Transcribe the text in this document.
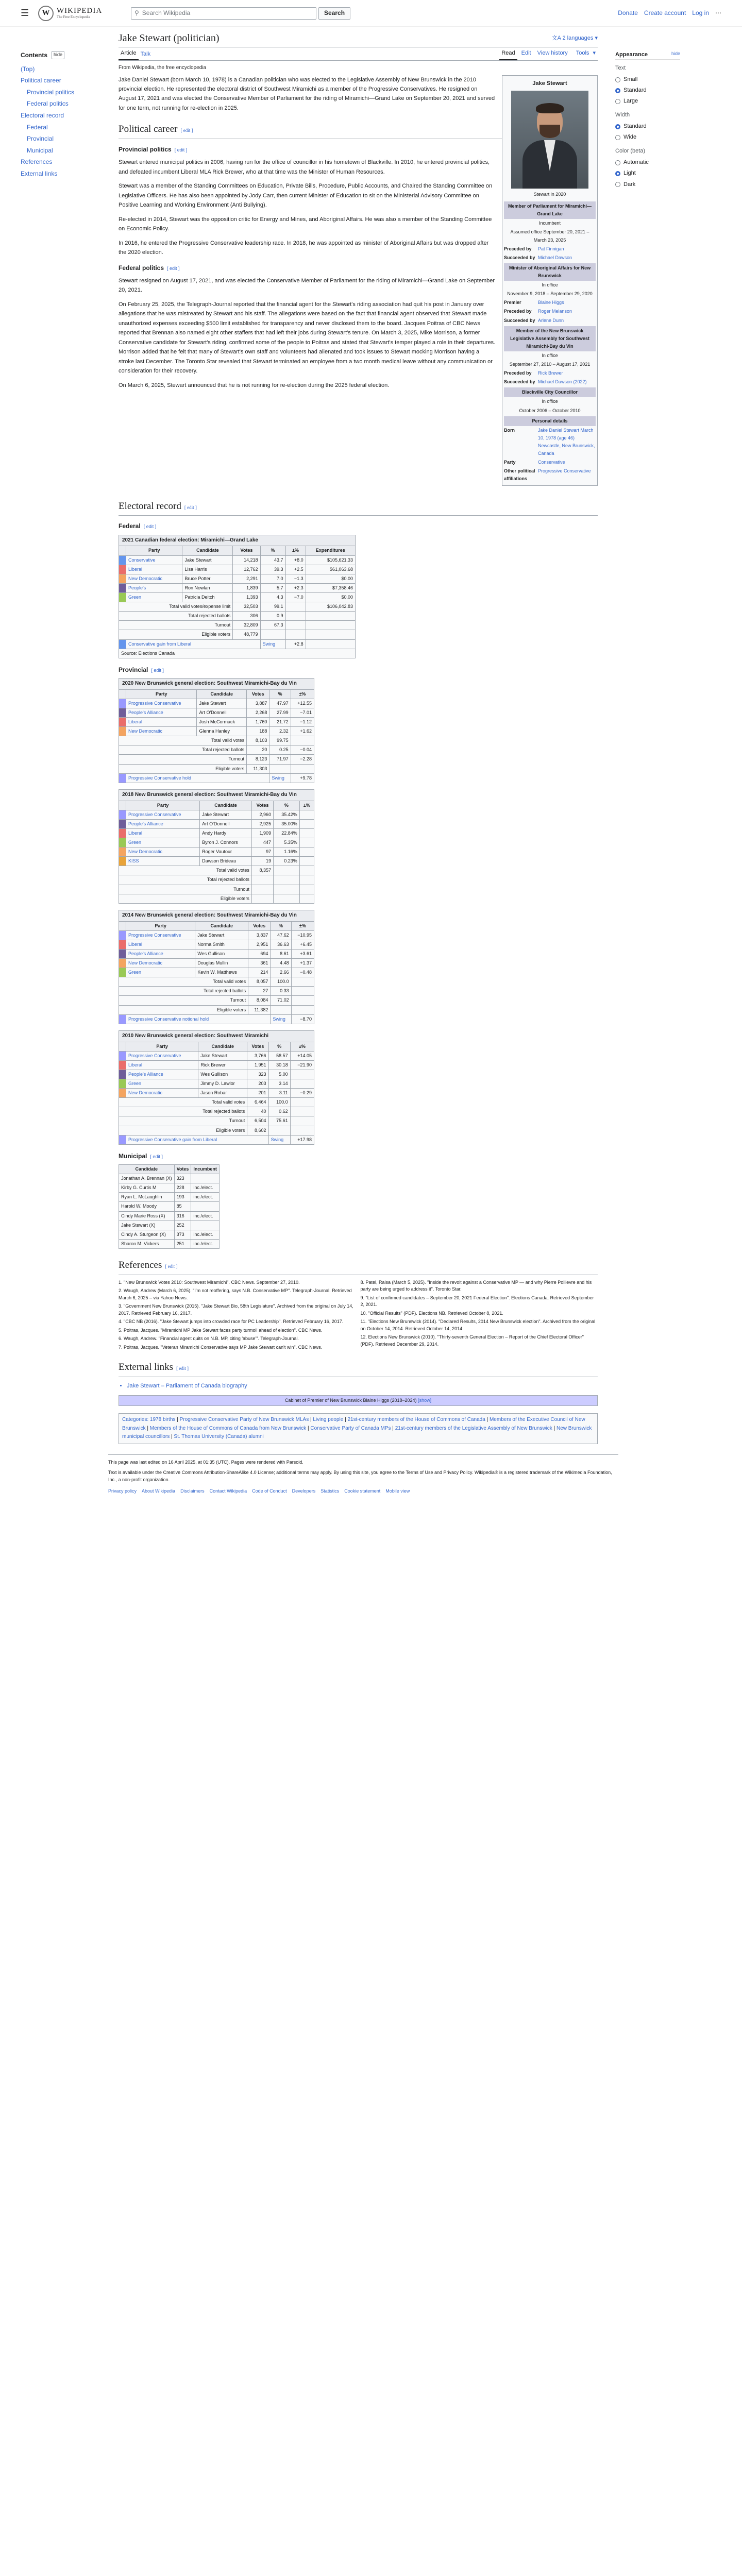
☰	W WIKIPEDIA
The Free Encyclopedia
⚲ Search Wikipedia	Search	Donate Create account Log in ⋯
Contents	hide
(Top)
Political career
Provincial politics
Federal politics
Electoral record
Federal
Provincial
Municipal
References
External links
Jake Stewart (politician)	文A 2 languages ▾
Article Talk	Read	Edit	View history	Tools ▾
From Wikipedia, the free encyclopedia
Jake Stewart
Stewart in 2020
Member of Parliament for Miramichi—Grand Lake
Incumbent
Assumed office September 20, 2021 – March 23, 2025
Preceded by	Pat Finnigan
Succeeded by Michael Dawson
Minister of Aboriginal Affairs for New Brunswick
In office
November 9, 2018 – September 29, 2020
Premier	Blaine Higgs
Preceded by	Roger Melanson
Succeeded by Arlene Dunn
Member of the New Brunswick Legislative Assembly for Southwest Miramichi-Bay du Vin
In office
September 27, 2010 – August 17, 2021
Preceded by	Rick Brewer
Succeeded by Michael Dawson (2022)
Blackville City Councillor
In office
October 2006 – October 2010
Personal details
Born	Jake Daniel Stewart March 10, 1978 (age 46) Newcastle, New Brunswick, Canada
Party	Conservative
Other political affiliations
Progressive Conservative

Jake Daniel Stewart (born March 10, 1978) is a Canadian politician who was elected to the Legislative Assembly of New Brunswick in the 2010 provincial election. He represented the electoral district of Southwest Miramichi as a member of the Progressive Conservatives. He resigned on August 17, 2021 and was elected the Conservative Member of Parliament for the riding of Miramichi—Grand Lake on September 20, 2021 and served for one term, not running for re-election in 2025.

Political career [ edit ]
Provincial politics [ edit ]

Stewart entered municipal politics in 2006, having run for the office of councillor in his hometown of Blackville. In 2010, he entered provincial politics, and defeated incumbent Liberal MLA Rick Brewer, who at that time was the Minister of Human Resources.

Stewart was a member of the Standing Committees on Education, Private Bills, Procedure, Public Accounts, and Chaired the Standing Committee on Legislative Officers. He has also been appointed by Jody Carr, then current Minister of Education to sit on the Ministerial Advisory Committee on Positive Learning and Working Environment (Anti Bullying).

Re-elected in 2014, Stewart was the opposition critic for Energy and Mines, and Aboriginal Affairs. He was also a member of the Standing Committee on Economic Policy.

In 2016, he entered the Progressive Conservative leadership race. In 2018, he was appointed as minister of Aboriginal Affairs but was dropped after the 2020 election.

Federal politics [ edit ]

Stewart resigned on August 17, 2021, and was elected the Conservative Member of Parliament for the riding of Miramichi—Grand Lake on September 20, 2021.

On February 25, 2025, the Telegraph-Journal reported that the financial agent for the Stewart's riding association had quit his post in January over allegations that he was mistreated by Stewart and his staff. The allegations were based on the fact that financial agent observed that Stewart made unauthorized expenses exceeding $500 limit established for transparency and never disclosed them to the board. Jacques Poitras of CBC News reported that Brennan also named eight other staffers that had left their jobs during Stewart's tenure. On March 3, 2025, Mike Morrison, a former Conservative candidate for Stewart's riding, confirmed some of the people to Poitras and stated that Stewart's temper played a role in their departures. Morrison added that he felt that many of Stewart's own staff and volunteers had alienated and took issues to Stewart mocking Morrison having a stroke last December. The Toronto Star revealed that Stewart terminated an employee from a two month medical leave without any communication or consideration for their recovery.

On March 6, 2025, Stewart announced that he is not running for re-election during the 2025 federal election.

Electoral record [ edit ]
Federal [ edit ]
2021 Canadian federal election: Miramichi—Grand Lake
	Party	Candidate	Votes	%	±%	Expenditures
	Conservative	Jake Stewart	14,218	43.7	+8.0	$105,621.33
	Liberal	Lisa Harris	12,762	39.3	+2.5	$61,063.68
	New Democratic	Bruce Potter	2,291	7.0	−1.3	$0.00
	People's	Ron Nowlan	1,839	5.7	+2.3	$7,358.46
	Green	Patricia Deitch	1,393	4.3	−7.0	$0.00
Total valid votes/expense limit			32,503	99.1		$106,042.83
Total rejected ballots			306	0.9		
Turnout			32,809	67.3		
Eligible voters			48,779			
	Conservative gain from Liberal			Swing	+2.8	
Source: Elections Canada						
Provincial [ edit ]
2020 New Brunswick general election: Southwest Miramichi-Bay du Vin
	Party	Candidate	Votes	%	±%
	Progressive Conservative	Jake Stewart	3,887	47.97	+12.55
	People's Alliance	Art O'Donnell	2,268	27.99	−7.01
	Liberal	Josh McCormack	1,760	21.72	−1.12
	New Democratic	Glenna Hanley	188	2.32	+1.62
Total valid votes			8,103	99.75	
Total rejected ballots			20	0.25	−0.04
Turnout			8,123	71.97	−2.28
Eligible voters			11,303		
	Progressive Conservative hold			Swing	+9.78
2018 New Brunswick general election: Southwest Miramichi-Bay du Vin
	Party	Candidate	Votes	%	±%
	Progressive Conservative	Jake Stewart	2,960	35.42%	
	People's Alliance	Art O'Donnell	2,925	35.00%	
	Liberal	Andy Hardy	1,909	22.84%	
	Green	Byron J. Connors	447	5.35%	
	New Democratic	Roger Vautour	97	1.16%	
	KISS	Dawson Brideau	19	0.23%	
Total valid votes			8,357		
Total rejected ballots					
Turnout					
Eligible voters					
2014 New Brunswick general election: Southwest Miramichi-Bay du Vin
	Party	Candidate	Votes	%	±%
	Progressive Conservative	Jake Stewart	3,837	47.62	−10.95
	Liberal	Norma Smith	2,951	36.63	+6.45
	People's Alliance	Wes Gullison	694	8.61	+3.61
	New Democratic	Douglas Mullin	361	4.48	+1.37
	Green	Kevin W. Matthews	214	2.66	−0.48
Total valid votes			8,057	100.0	
Total rejected ballots			27	0.33	
Turnout			8,084	71.02	
Eligible voters			11,382		
	Progressive Conservative notional hold			Swing	−8.70
2010 New Brunswick general election: Southwest Miramichi
	Party	Candidate	Votes	%	±%
	Progressive Conservative	Jake Stewart	3,766	58.57	+14.05
	Liberal	Rick Brewer	1,951	30.18	−21.90
	People's Alliance	Wes Gullison	323	5.00	
	Green	Jimmy D. Lawlor	203	3.14	
	New Democratic	Jason Robar	201	3.11	−0.29
Total valid votes			6,464	100.0	
Total rejected ballots			40	0.62	
Turnout			6,504	75.61	
Eligible voters			8,602		
	Progressive Conservative gain from Liberal			Swing	+17.98
Municipal [ edit ]
Candidate	Votes	Incumbent
Jonathan A. Brennan (X)	323	
Kirby G. Curtis M	228	inc./elect.
Ryan L. McLaughlin	193	inc./elect.
Harold W. Moody	85	
Cindy Marie Ross (X)	316	inc./elect.
Jake Stewart (X)	252	
Cindy A. Sturgeon (X)	373	inc./elect.
Sharon M. Vickers	251	inc./elect.
References [ edit ]
1. "New Brunswick Votes 2010: Southwest Miramichi". CBC News. September 27, 2010.
2. Waugh, Andrew (March 6, 2025). "I'm not reoffering, says N.B. Conservative MP". Telegraph-Journal. Retrieved March 6, 2025 – via Yahoo News.
3. "Government New Brunswick (2015). "Jake Stewart Bio, 58th Legislature". Archived from the original on July 14, 2017. Retrieved February 16, 2017.
4. "CBC NB (2016). "Jake Stewart jumps into crowded race for PC Leadership". Retrieved February 16, 2017.
5. Poitras, Jacques. "Miramichi MP Jake Stewart faces party turmoil ahead of election". CBC News.
6. Waugh, Andrew. "Financial agent quits on N.B. MP, citing 'abuse'". Telegraph-Journal.
7. Poitras, Jacques. "Veteran Miramichi Conservative says MP Jake Stewart can't win". CBC News.
8. Patel, Raisa (March 5, 2025). "Inside the revolt against a Conservative MP — and why Pierre Poilievre and his party are being urged to address it". Toronto Star.
9. "List of confirmed candidates – September 20, 2021 Federal Election". Elections Canada. Retrieved September 2, 2021.
10. "Official Results" (PDF). Elections NB. Retrieved October 8, 2021.
11. "Elections New Brunswick (2014). "Declared Results, 2014 New Brunswick election". Archived from the original on October 14, 2014. Retrieved October 14, 2014.
12. Elections New Brunswick (2010). "Thirty-seventh General Election – Report of the Chief Electoral Officer" (PDF). Retrieved December 29, 2014.
External links [ edit ]
• Jake Stewart – Parliament of Canada biography
Cabinet of Premier of New Brunswick Blaine Higgs (2018–2024) [show]
Categories: 1978 births | Progressive Conservative Party of New Brunswick MLAs | Living people | 21st-century members of the House of Commons of Canada | Members of the Executive Council of New Brunswick | Members of the House of Commons of Canada from New Brunswick | Conservative Party of Canada MPs | 21st-century members of the Legislative Assembly of New Brunswick | New Brunswick municipal councillors | St. Thomas University (Canada) alumni
Appearance	hide
Text
Small
Standard
Large
Width
Standard
Wide
Color (beta)
Automatic
Light
Dark

This page was last edited on 16 April 2025, at 01:35 (UTC). Pages were rendered with Parsoid.

Text is available under the Creative Commons Attribution-ShareAlike 4.0 License; additional terms may apply. By using this site, you agree to the Terms of Use and Privacy Policy. Wikipedia® is a registered trademark of the Wikimedia Foundation, Inc., a non-profit organization.

Privacy policy About Wikipedia Disclaimers Contact Wikipedia Code of Conduct Developers Statistics Cookie statement Mobile view
